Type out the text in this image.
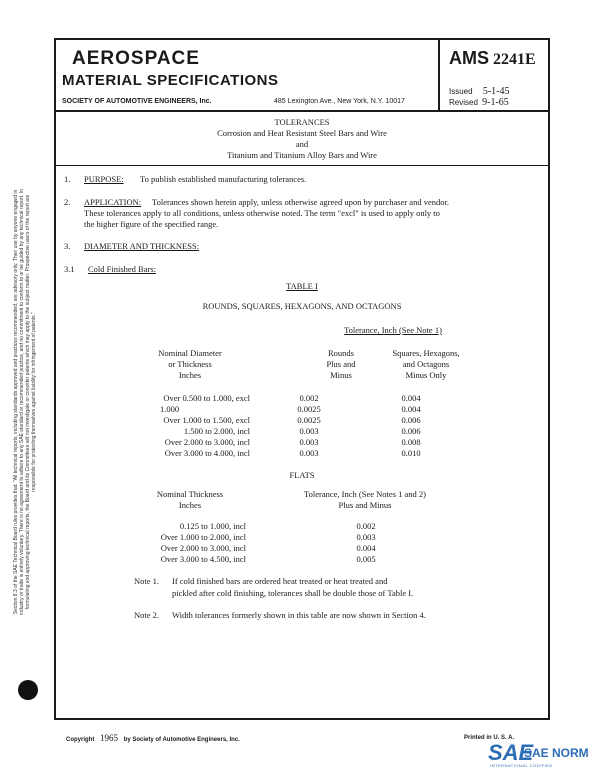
AEROSPACE
MATERIAL SPECIFICATIONS
SOCIETY OF AUTOMOTIVE ENGINEERS, Inc.	485 Lexington Ave., New York, N.Y. 10017
AMS 2241E
Issued 5-1-45
Revised 9-1-65
TOLERANCES
Corrosion and Heat Resistant Steel Bars and Wire
and
Titanium and Titanium Alloy Bars and Wire
1. PURPOSE: To publish established manufacturing tolerances.
2. APPLICATION: Tolerances shown herein apply, unless otherwise agreed upon by purchaser and vendor.
These tolerances apply to all conditions, unless otherwise noted. The term "excl" is used to apply only to
the higher figure of the specified range.
3. DIAMETER AND THICKNESS:
3.1 Cold Finished Bars:
TABLE I
ROUNDS, SQUARES, HEXAGONS, AND OCTAGONS
Tolerance, Inch (See Note 1)
Nominal Diameter
or Thickness
Inches
Rounds
Plus and
Minus
Squares, Hexagons,
and Octagons
Minus Only
Over 0.500 to 1.000, excl	0.002	0.004
1.000	0.0025	0.004
Over 1.000 to 1.500, excl	0.0025	0.006
1.500 to 2.000, incl	0.003	0.006
Over 2.000 to 3.000, incl	0.003	0.008
Over 3.000 to 4.000, incl	0.003	0.010
FLATS
Nominal Thickness
Inches
Tolerance, Inch (See Notes 1 and 2)
Plus and Minus
0.125 to 1.000, incl	0.002
Over 1.000 to 2.000, incl	0.003
Over 2.000 to 3.000, incl	0.004
Over 3.000 to 4.500, incl	0.005
Note 1. If cold finished bars are ordered heat treated or heat treated and
pickled after cold finishing, tolerances shall be double those of Table I.
Note 2. Width tolerances formerly shown in this table are now shown in Section 4.
Copyright 1965 by Society of Automotive Engineers, Inc.	Printed in U. S. A.
Section 8.3 of the SAE Technical Board rules provides that: "All technical reports, including standards approved and practices recommended, are advisory only. Their use by anyone engaged in industry or trade is entirely voluntary. There is no agreement to adhere to any SAE standard or recommended practice, and no commitment to conform to or be guided by any technical report. In formulating and approving technical reports, the Board and its Committees will not investigate or consider patents which may apply to the subject matter. Prospective users of the report are responsible for protecting themselves against liability for infringement of patents."
SAE
SAE NORM
INTERNATIONAL CODIFIED
